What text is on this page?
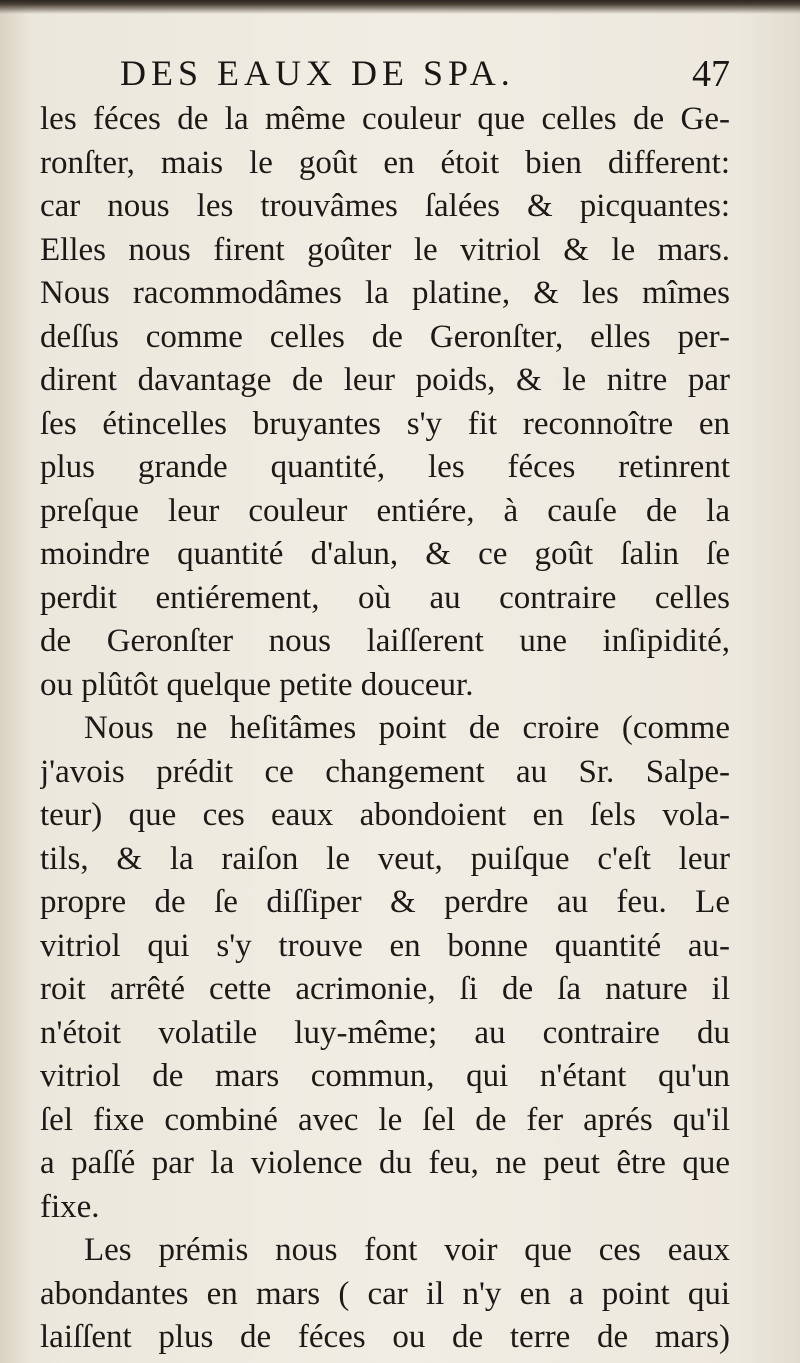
DES EAUX DE SPA.	47
les féces de la même couleur que celles de Ge-
ronſter, mais le goût en étoit bien different:
car nous les trouvâmes ſalées & picquantes:
Elles nous firent goûter le vitriol & le mars.
Nous racommodâmes la platine, & les mîmes
deſſus comme celles de Geronſter, elles per-
dirent davantage de leur poids, & le nitre par
ſes étincelles bruyantes s'y fit reconnoître en
plus grande quantité, les féces retinrent
preſque leur couleur entiére, à cauſe de la
moindre quantité d'alun, & ce goût ſalin ſe
perdit entiérement, où au contraire celles
de Geronſter nous laiſſerent une inſipidité,
ou plûtôt quelque petite douceur.
Nous ne heſitâmes point de croire (comme
j'avois prédit ce changement au Sr. Salpe-
teur) que ces eaux abondoient en ſels vola-
tils, & la raiſon le veut, puiſque c'eſt leur
propre de ſe diſſiper & perdre au feu. Le
vitriol qui s'y trouve en bonne quantité au-
roit arrêté cette acrimonie, ſi de ſa nature il
n'étoit volatile luy-même; au contraire du
vitriol de mars commun, qui n'étant qu'un
ſel fixe combiné avec le ſel de fer aprés qu'il
a paſſé par la violence du feu, ne peut être que
fixe.
Les prémis nous font voir que ces eaux
abondantes en mars ( car il n'y en a point qui
laiſſent plus de féces ou de terre de mars)
